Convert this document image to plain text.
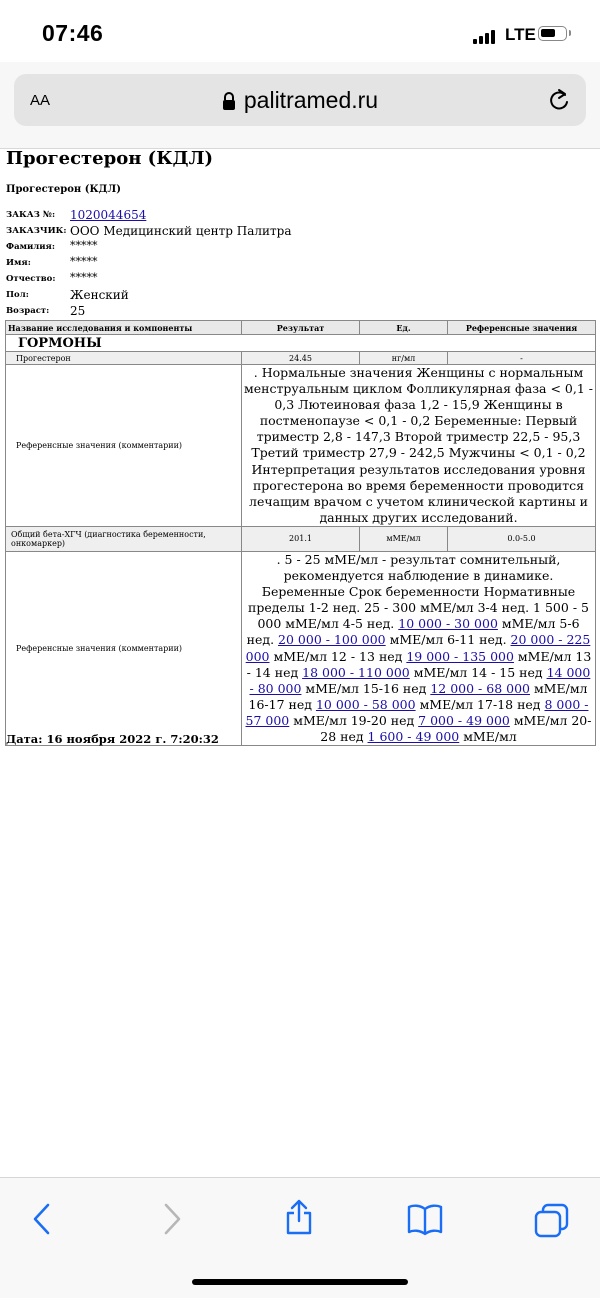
07:46	LTE
AA	palitramed.ru
Прогестерон (КДЛ)
Прогестерон (КДЛ)
ЗАКАЗ №:	1020044654
ЗАКАЗЧИК: ООО Медицинский центр Палитра
Фамилия:	*****
Имя:	*****
Отчество:	*****
Пол:	Женский
Возраст:	25
Название исследования и компоненты	Результат	Ед.	Референсные значения
ГОРМОНЫ			
Прогестерон	24.45	нг/мл	-
Референсные значения (комментарии)	. Нормальные значения Женщины с нормальным менструальным циклом Фолликулярная фаза < 0,1 - 0,3 Лютеиновая фаза 1,2 - 15,9 Женщины в постменопаузе < 0,1 - 0,2 Беременные: Первый триместр 2,8 - 147,3 Второй триместр 22,5 - 95,3 Третий триместр 27,9 - 242,5 Мужчины < 0,1 - 0,2 Интерпретация результатов исследования уровня прогестерона во время беременности проводится лечащим врачом с учетом клинической картины и данных других исследований.		
Общий бета-ХГЧ (диагностика беременности, онкомаркер)	201.1	мМЕ/мл	0.0-5.0
Референсные значения (комментарии)	. 5 - 25 мМЕ/мл - результат сомнительный, рекомендуется наблюдение в динамике. Беременные Срок беременности Нормативные пределы 1-2 нед. 25 - 300 мМЕ/мл 3-4 нед. 1 500 - 5 000 мМЕ/мл 4-5 нед. 10 000 - 30 000 мМЕ/мл 5-6 нед. 20 000 - 100 000 мМЕ/мл 6-11 нед. 20 000 - 225 000 мМЕ/мл 12 - 13 нед 19 000 - 135 000 мМЕ/мл 13 - 14 нед 18 000 - 110 000 мМЕ/мл 14 - 15 нед 14 000 - 80 000 мМЕ/мл 15-16 нед 12 000 - 68 000 мМЕ/мл 16-17 нед 10 000 - 58 000 мМЕ/мл 17-18 нед 8 000 - 57 000 мМЕ/мл 19-20 нед 7 000 - 49 000 мМЕ/мл 20-28 нед 1 600 - 49 000 мМЕ/мл		
Дата: 16 ноября 2022 г. 7:20:32
